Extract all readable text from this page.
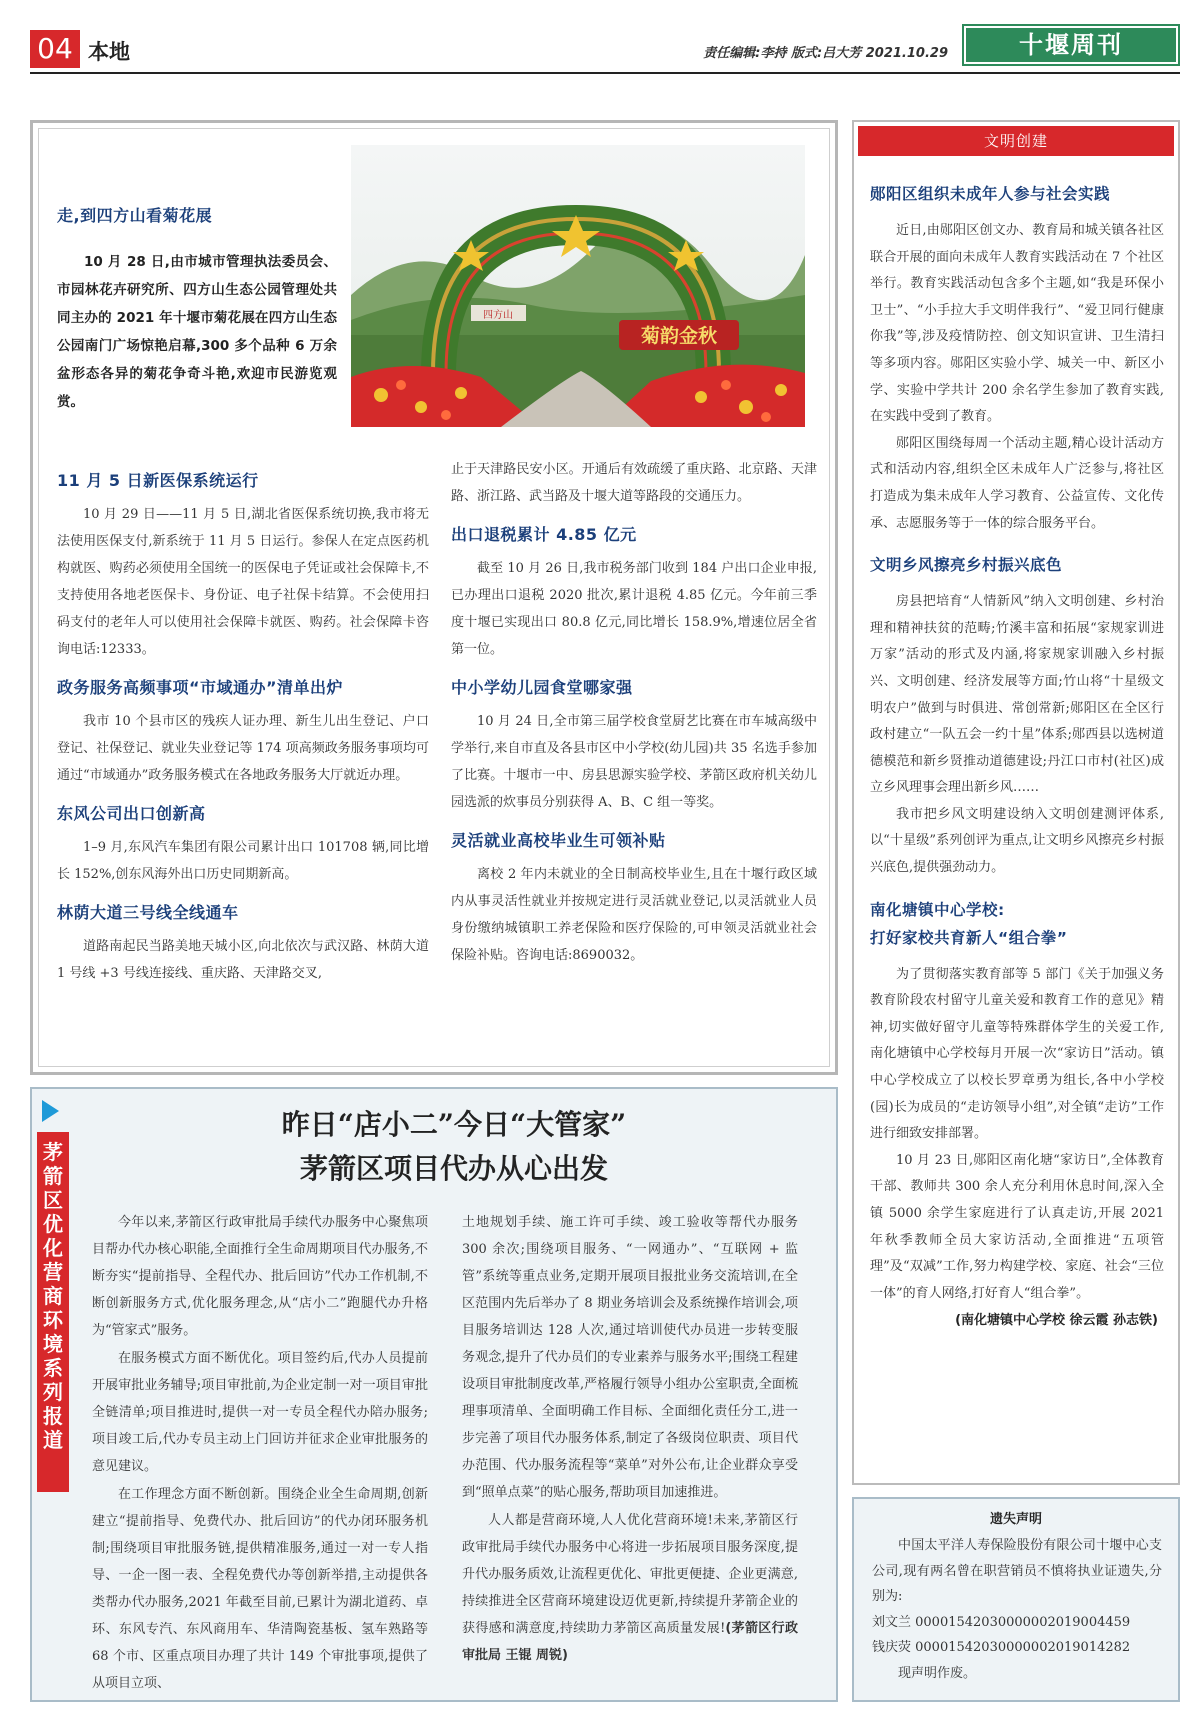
04 本地	责任编辑:李持 版式:吕大芳 2021.10.29	十堰周刊
走,到四方山看菊花展

10 月 28 日,由市城市管理执法委员会、市园林花卉研究所、四方山生态公园管理处共同主办的 2021 年十堰市菊花展在四方山生态公园南门广场惊艳启幕,300 多个品种 6 万余盆形态各异的菊花争奇斗艳,欢迎市民游览观赏。

菊韵金秋
四方山
11 月 5 日新医保系统运行

10 月 29 日——11 月 5 日,湖北省医保系统切换,我市将无法使用医保支付,新系统于 11 月 5 日运行。参保人在定点医药机构就医、购药必须使用全国统一的医保电子凭证或社会保障卡,不支持使用各地老医保卡、身份证、电子社保卡结算。不会使用扫码支付的老年人可以使用社会保障卡就医、购药。社会保障卡咨询电话:12333。

政务服务高频事项“市域通办”清单出炉

我市 10 个县市区的残疾人证办理、新生儿出生登记、户口登记、社保登记、就业失业登记等 174 项高频政务服务事项均可通过“市域通办”政务服务模式在各地政务服务大厅就近办理。

东风公司出口创新高

1–9 月,东风汽车集团有限公司累计出口 101708 辆,同比增长 152%,创东风海外出口历史同期新高。

林荫大道三号线全线通车

道路南起民当路美地天城小区,向北依次与武汉路、林荫大道 1 号线 +3 号线连接线、重庆路、天津路交叉,

止于天津路民安小区。开通后有效疏缓了重庆路、北京路、天津路、浙江路、武当路及十堰大道等路段的交通压力。

出口退税累计 4.85 亿元

截至 10 月 26 日,我市税务部门收到 184 户出口企业申报,已办理出口退税 2020 批次,累计退税 4.85 亿元。今年前三季度十堰已实现出口 80.8 亿元,同比增长 158.9%,增速位居全省第一位。

中小学幼儿园食堂哪家强

10 月 24 日,全市第三届学校食堂厨艺比赛在市车城高级中学举行,来自市直及各县市区中小学校(幼儿园)共 35 名选手参加了比赛。十堰市一中、房县思源实验学校、茅箭区政府机关幼儿园选派的炊事员分别获得 A、B、C 组一等奖。

灵活就业高校毕业生可领补贴

离校 2 年内未就业的全日制高校毕业生,且在十堰行政区域内从事灵活性就业并按规定进行灵活就业登记,以灵活就业人员身份缴纳城镇职工养老保险和医疗保险的,可申领灵活就业社会保险补贴。咨询电话:8690032。

茅
箭
区
优
化
营
商
环
境
系
列
报
道
昨日“店小二”今日“大管家”
茅箭区项目代办从心出发

今年以来,茅箭区行政审批局手续代办服务中心聚焦项目帮办代办核心职能,全面推行全生命周期项目代办服务,不断夯实“提前指导、全程代办、批后回访”代办工作机制,不断创新服务方式,优化服务理念,从“店小二”跑腿代办升格为“管家式”服务。

在服务模式方面不断优化。项目签约后,代办人员提前开展审批业务辅导;项目审批前,为企业定制一对一项目审批全链清单;项目推进时,提供一对一专员全程代办陪办服务;项目竣工后,代办专员主动上门回访并征求企业审批服务的意见建议。

在工作理念方面不断创新。围绕企业全生命周期,创新建立“提前指导、免费代办、批后回访”的代办闭环服务机制;围绕项目审批服务链,提供精准服务,通过一对一专人指导、一企一图一表、全程免费代办等创新举措,主动提供各类帮办代办服务,2021 年截至目前,已累计为湖北道药、卓环、东风专汽、东风商用车、华清陶瓷基板、氢车熟路等 68 个市、区重点项目办理了共计 149 个审批事项,提供了从项目立项、

土地规划手续、施工许可手续、竣工验收等帮代办服务 300 余次;围绕项目服务、“一网通办”、“互联网 + 监管”系统等重点业务,定期开展项目报批业务交流培训,在全区范围内先后举办了 8 期业务培训会及系统操作培训会,项目服务培训达 128 人次,通过培训使代办员进一步转变服务观念,提升了代办员们的专业素养与服务水平;围绕工程建设项目审批制度改革,严格履行领导小组办公室职责,全面梳理事项清单、全面明确工作目标、全面细化责任分工,进一步完善了项目代办服务体系,制定了各级岗位职责、项目代办范围、代办服务流程等“菜单”对外公布,让企业群众享受到“照单点菜”的贴心服务,帮助项目加速推进。

人人都是营商环境,人人优化营商环境!未来,茅箭区行政审批局手续代办服务中心将进一步拓展项目服务深度,提升代办服务质效,让流程更优化、审批更便捷、企业更满意,持续推进全区营商环境建设迈优更新,持续提升茅箭企业的获得感和满意度,持续助力茅箭区高质量发展!(茅箭区行政审批局 王锟 周锐)

文明创建
郧阳区组织未成年人参与社会实践

近日,由郧阳区创文办、教育局和城关镇各社区联合开展的面向未成年人教育实践活动在 7 个社区举行。教育实践活动包含多个主题,如“我是环保小卫士”、“小手拉大手文明伴我行”、“爱卫同行健康你我”等,涉及疫情防控、创文知识宣讲、卫生清扫等多项内容。郧阳区实验小学、城关一中、新区小学、实验中学共计 200 余名学生参加了教育实践,在实践中受到了教育。

郧阳区围绕每周一个活动主题,精心设计活动方式和活动内容,组织全区未成年人广泛参与,将社区打造成为集未成年人学习教育、公益宣传、文化传承、志愿服务等于一体的综合服务平台。

文明乡风擦亮乡村振兴底色

房县把培育“人情新风”纳入文明创建、乡村治理和精神扶贫的范畴;竹溪丰富和拓展“家规家训进万家”活动的形式及内涵,将家规家训融入乡村振兴、文明创建、经济发展等方面;竹山将“十星级文明农户”做到与时俱进、常创常新;郧阳区在全区行政村建立“一队五会一约十星”体系;郧西县以选树道德模范和新乡贤推动道德建设;丹江口市村(社区)成立乡风理事会理出新乡风……

我市把乡风文明建设纳入文明创建测评体系,以“十星级”系列创评为重点,让文明乡风擦亮乡村振兴底色,提供强劲动力。

南化塘镇中心学校:
打好家校共育新人“组合拳”

为了贯彻落实教育部等 5 部门《关于加强义务教育阶段农村留守儿童关爱和教育工作的意见》精神,切实做好留守儿童等特殊群体学生的关爱工作,南化塘镇中心学校每月开展一次“家访日”活动。镇中心学校成立了以校长罗章勇为组长,各中小学校(园)长为成员的“走访领导小组”,对全镇“走访”工作进行细致安排部署。

10 月 23 日,郧阳区南化塘“家访日”,全体教育干部、教师共 300 余人充分利用休息时间,深入全镇 5000 余学生家庭进行了认真走访,开展 2021 年秋季教师全员大家访活动,全面推进“五项管理”及“双减”工作,努力构建学校、家庭、社会“三位一体”的育人网络,打好育人“组合拳”。

(南化塘镇中心学校 徐云霞 孙志铁)
遗失声明

中国太平洋人寿保险股份有限公司十堰中心支公司,现有两名曾在职营销员不慎将执业证遗失,分别为:

刘文兰 00001542030000002019004459

钱庆荧 00001542030000002019014282

现声明作废。
